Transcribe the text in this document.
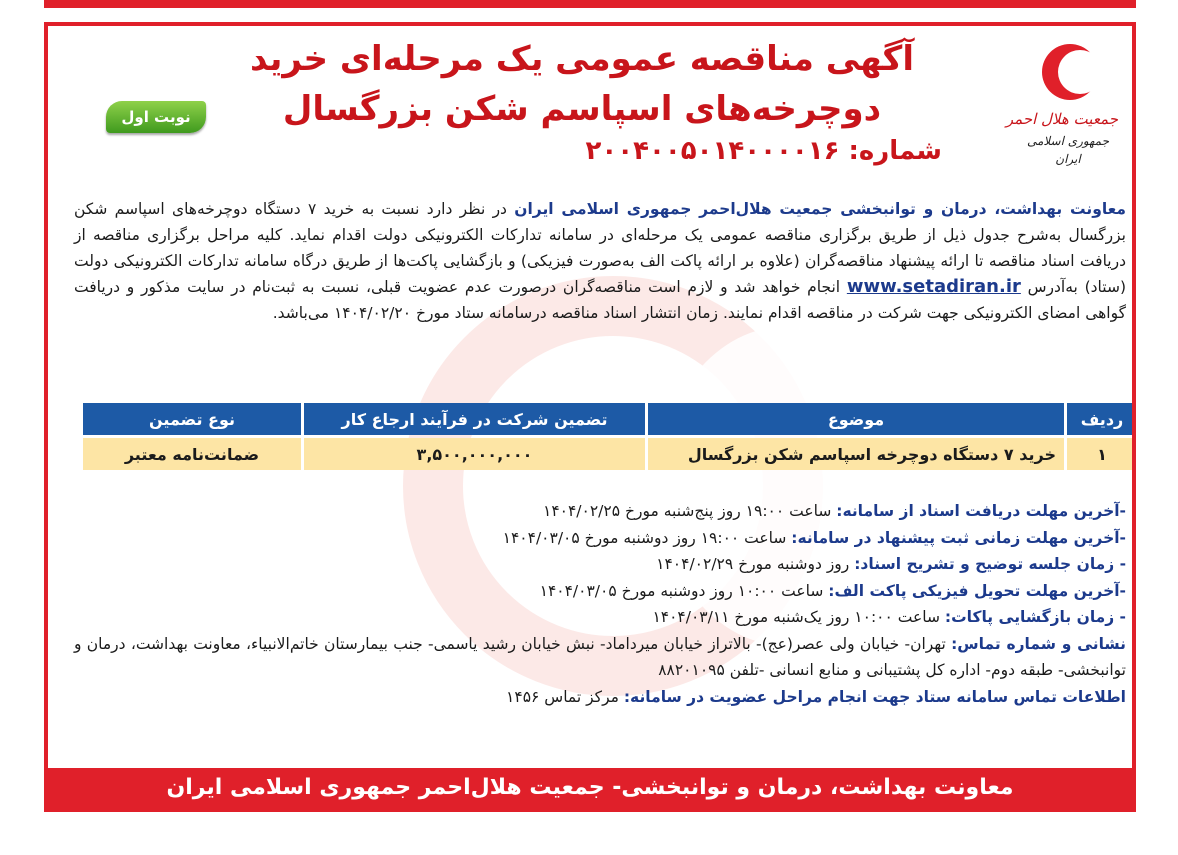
جمعیت هلال احمر
جمهوری اسلامی ایران
آگهی مناقصه عمومی یک مرحله‌ای خرید
دوچرخه‌های اسپاسم شکن بزرگسال
شماره: ۲۰۰۴۰۰۵۰۱۴۰۰۰۰۱۶
نوبت اول
معاونت بهداشت، درمان و توانبخشی جمعیت هلال‌احمر جمهوری اسلامی ایران در نظر دارد نسبت به خرید ۷ دستگاه دوچرخه‌های اسپاسم شکن بزرگسال به‌شرح جدول ذیل از طریق برگزاری مناقصه عمومی یک مرحله‌ای در سامانه تدارکات الکترونیکی دولت اقدام نماید. کلیه مراحل برگزاری مناقصه از دریافت اسناد مناقصه تا ارائه پیشنهاد مناقصه‌گران (علاوه بر ارائه پاکت الف به‌صورت فیزیکی) و بازگشایی پاکت‌ها از طریق درگاه سامانه تدارکات الکترونیکی دولت (ستاد) به‌آدرس www.setadiran.ir انجام خواهد شد و لازم است مناقصه‌گران درصورت عدم عضویت قبلی، نسبت به ثبت‌نام در سایت مذکور و دریافت گواهی امضای الکترونیکی جهت شرکت در مناقصه اقدام نمایند. زمان انتشار اسناد مناقصه درسامانه ستاد مورخ ۱۴۰۴/۰۲/۲۰ می‌باشد.
ردیف	موضوع	تضمین شرکت در فرآیند ارجاع کار	نوع تضمین
۱	خرید ۷ دستگاه دوچرخه اسپاسم شکن بزرگسال	۳,۵۰۰,۰۰۰,۰۰۰	ضمانت‌نامه معتبر
-آخرین مهلت دریافت اسناد از سامانه: ساعت ۱۹:۰۰ روز پنج‌شنبه مورخ ۱۴۰۴/۰۲/۲۵
-آخرین مهلت زمانی ثبت پیشنهاد در سامانه: ساعت ۱۹:۰۰ روز دوشنبه مورخ ۱۴۰۴/۰۳/۰۵
- زمان جلسه توضیح و تشریح اسناد: روز دوشنبه مورخ ۱۴۰۴/۰۲/۲۹
-آخرین مهلت تحویل فیزیکی پاکت الف: ساعت ۱۰:۰۰ روز دوشنبه مورخ ۱۴۰۴/۰۳/۰۵
- زمان بازگشایی پاکات: ساعت ۱۰:۰۰ روز یک‌شنبه مورخ ۱۴۰۴/۰۳/۱۱
نشانی و شماره تماس: تهران- خیابان ولی عصر(عج)- بالاتراز خیابان میرداماد- نبش خیابان رشید یاسمی- جنب بیمارستان خاتم‌الانبیاء، معاونت بهداشت، درمان و توانبخشی- طبقه دوم- اداره کل پشتیبانی و منابع انسانی -تلفن ۸۸۲۰۱۰۹۵
اطلاعات تماس سامانه ستاد جهت انجام مراحل عضویت در سامانه: مرکز تماس ۱۴۵۶
معاونت بهداشت، درمان و توانبخشی- جمعیت هلال‌احمر جمهوری اسلامی ایران
